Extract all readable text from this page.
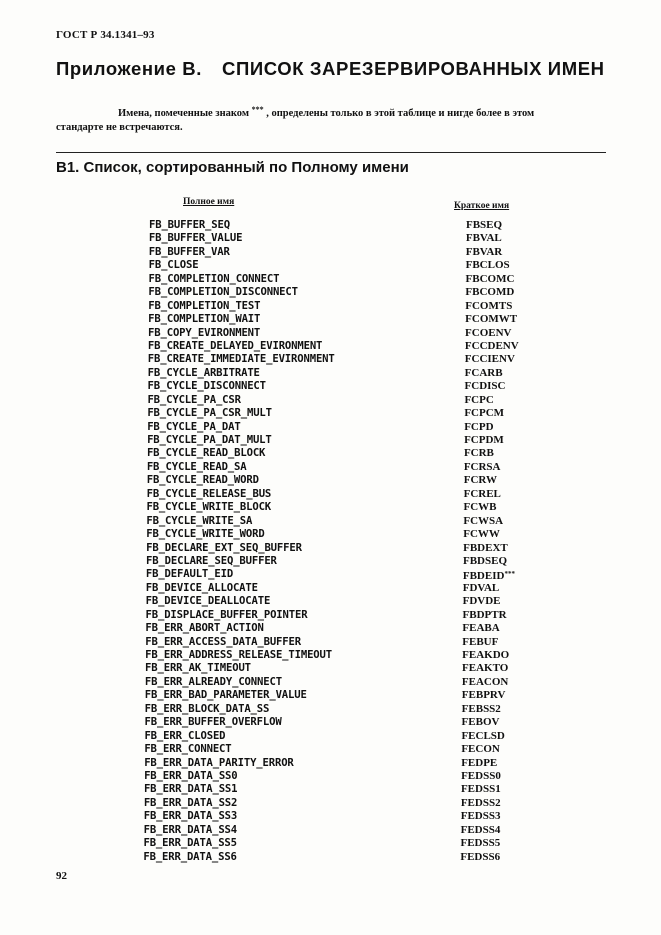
ГОСТ Р 34.1341–93
Приложение В. СПИСОК ЗАРЕЗЕРВИРОВАННЫХ ИМЕН
Имена, помеченные знаком *** , определены только в этой таблице и нигде более в этом
стандарте не встречаются.
В1. Список, сортированный по Полному имени
Полное имя	Краткое имя
FB_BUFFER_SEQ	FBSEQ
FB_BUFFER_VALUE	FBVAL
FB_BUFFER_VAR	FBVAR
FB_CLOSE	FBCLOS
FB_COMPLETION_CONNECT	FBCOMC
FB_COMPLETION_DISCONNECT	FBCOMD
FB_COMPLETION_TEST	FCOMTS
FB_COMPLETION_WAIT	FCOMWT
FB_COPY_EVIRONMENT	FCOENV
FB_CREATE_DELAYED_EVIRONMENT	FCCDENV
FB_CREATE_IMMEDIATE_EVIRONMENT	FCCIENV
FB_CYCLE_ARBITRATE	FCARB
FB_CYCLE_DISCONNECT	FCDISC
FB_CYCLE_PA_CSR	FCPC
FB_CYCLE_PA_CSR_MULT	FCPCM
FB_CYCLE_PA_DAT	FCPD
FB_CYCLE_PA_DAT_MULT	FCPDM
FB_CYCLE_READ_BLOCK	FCRB
FB_CYCLE_READ_SA	FCRSA
FB_CYCLE_READ_WORD	FCRW
FB_CYCLE_RELEASE_BUS	FCREL
FB_CYCLE_WRITE_BLOCK	FCWB
FB_CYCLE_WRITE_SA	FCWSA
FB_CYCLE_WRITE_WORD	FCWW
FB_DECLARE_EXT_SEQ_BUFFER	FBDEXT
FB_DECLARE_SEQ_BUFFER	FBDSEQ
FB_DEFAULT_EID	FBDEID***
FB_DEVICE_ALLOCATE	FDVAL
FB_DEVICE_DEALLOCATE	FDVDE
FB_DISPLACE_BUFFER_POINTER	FBDPTR
FB_ERR_ABORT_ACTION	FEABA
FB_ERR_ACCESS_DATA_BUFFER	FEBUF
FB_ERR_ADDRESS_RELEASE_TIMEOUT	FEAKDO
FB_ERR_AK_TIMEOUT	FEAKTO
FB_ERR_ALREADY_CONNECT	FEACON
FB_ERR_BAD_PARAMETER_VALUE	FEBPRV
FB_ERR_BLOCK_DATA_SS	FEBSS2
FB_ERR_BUFFER_OVERFLOW	FEBOV
FB_ERR_CLOSED	FECLSD
FB_ERR_CONNECT	FECON
FB_ERR_DATA_PARITY_ERROR	FEDPE
FB_ERR_DATA_SS0	FEDSS0
FB_ERR_DATA_SS1	FEDSS1
FB_ERR_DATA_SS2	FEDSS2
FB_ERR_DATA_SS3	FEDSS3
FB_ERR_DATA_SS4	FEDSS4
FB_ERR_DATA_SS5	FEDSS5
FB_ERR_DATA_SS6	FEDSS6
92
